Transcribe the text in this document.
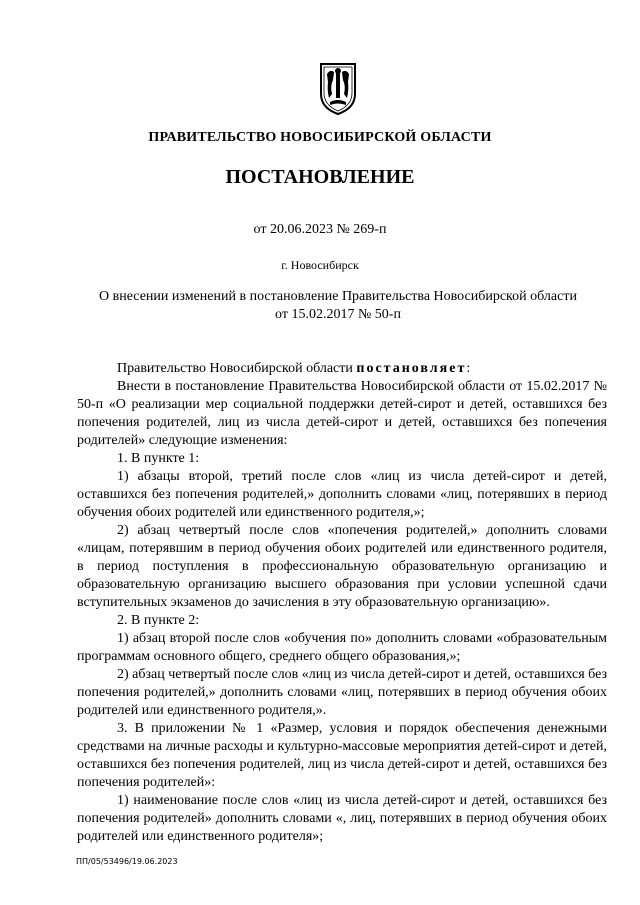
ПРАВИТЕЛЬСТВО НОВОСИБИРСКОЙ ОБЛАСТИ
ПОСТАНОВЛЕНИЕ
от 20.06.2023 № 269-п
г. Новосибирск
О внесении изменений в постановление Правительства Новосибирской области
от 15.02.2017 № 50-п

Правительство Новосибирской области постановляет:

Внести в постановление Правительства Новосибирской области от 15.02.2017 № 50-п «О реализации мер социальной поддержки детей-сирот и детей, оставшихся без попечения родителей, лиц из числа детей-сирот и детей, оставшихся без попечения родителей» следующие изменения:

1. В пункте 1:

1) абзацы второй, третий после слов «лиц из числа детей-сирот и детей, оставшихся без попечения родителей,» дополнить словами «лиц, потерявших в период обучения обоих родителей или единственного родителя,»;

2) абзац четвертый после слов «попечения родителей,» дополнить словами «лицам, потерявшим в период обучения обоих родителей или единственного родителя, в период поступления в профессиональную образовательную организацию и образовательную организацию высшего образования при условии успешной сдачи вступительных экзаменов до зачисления в эту образовательную организацию».

2. В пункте 2:

1) абзац второй после слов «обучения по» дополнить словами «образовательным программам основного общего, среднего общего образования,»;

2) абзац четвертый после слов «лиц из числа детей-сирот и детей, оставшихся без попечения родителей,» дополнить словами «лиц, потерявших в период обучения обоих родителей или единственного родителя,».

3. В приложении № 1 «Размер, условия и порядок обеспечения денежными средствами на личные расходы и культурно-массовые мероприятия детей-сирот и детей, оставшихся без попечения родителей, лиц из числа детей-сирот и детей, оставшихся без попечения родителей»:

1) наименование после слов «лиц из числа детей-сирот и детей, оставшихся без попечения родителей» дополнить словами «, лиц, потерявших в период обучения обоих родителей или единственного родителя»;

ПП/05/53496/19.06.2023
